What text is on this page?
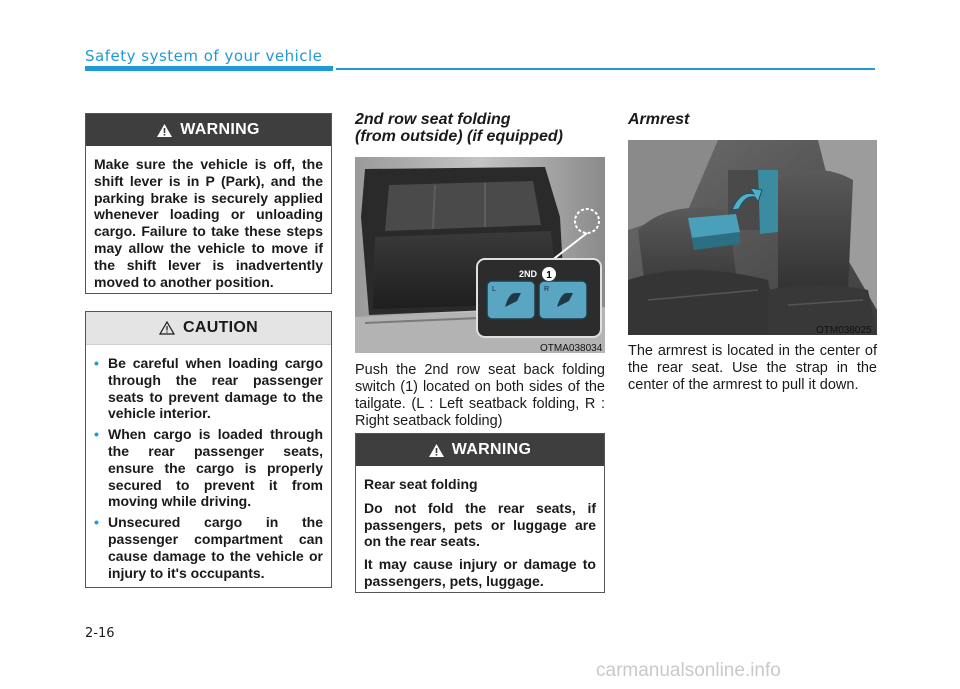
Safety system of your vehicle
WARNING

Make sure the vehicle is off, the shift lever is in P (Park), and the parking brake is securely applied whenever loading or unloading cargo. Failure to take these steps may allow the vehicle to move if the shift lever is inadvertently moved to another position.

CAUTION
• Be careful when loading cargo through the rear passenger seats to prevent damage to the vehicle interior.
• When cargo is loaded through the rear passenger seats, ensure the cargo is properly secured to prevent it from moving while driving.
• Unsecured cargo in the passenger compartment can cause damage to the vehicle or injury to it's occupants.
2nd row seat folding
(from outside) (if equipped)
2ND 1
L	R
OTMA038034
Push the 2nd row seat back folding switch (1) located on both sides of the tailgate. (L : Left seatback folding, R : Right seatback folding)
WARNING

Rear seat folding

Do not fold the rear seats, if passengers, pets or luggage are on the rear seats.

It may cause injury or damage to passengers, pets, luggage.

Armrest
OTM038025
The armrest is located in the center of the rear seat. Use the strap in the center of the armrest to pull it down.
2-16
carmanualsonline.info
